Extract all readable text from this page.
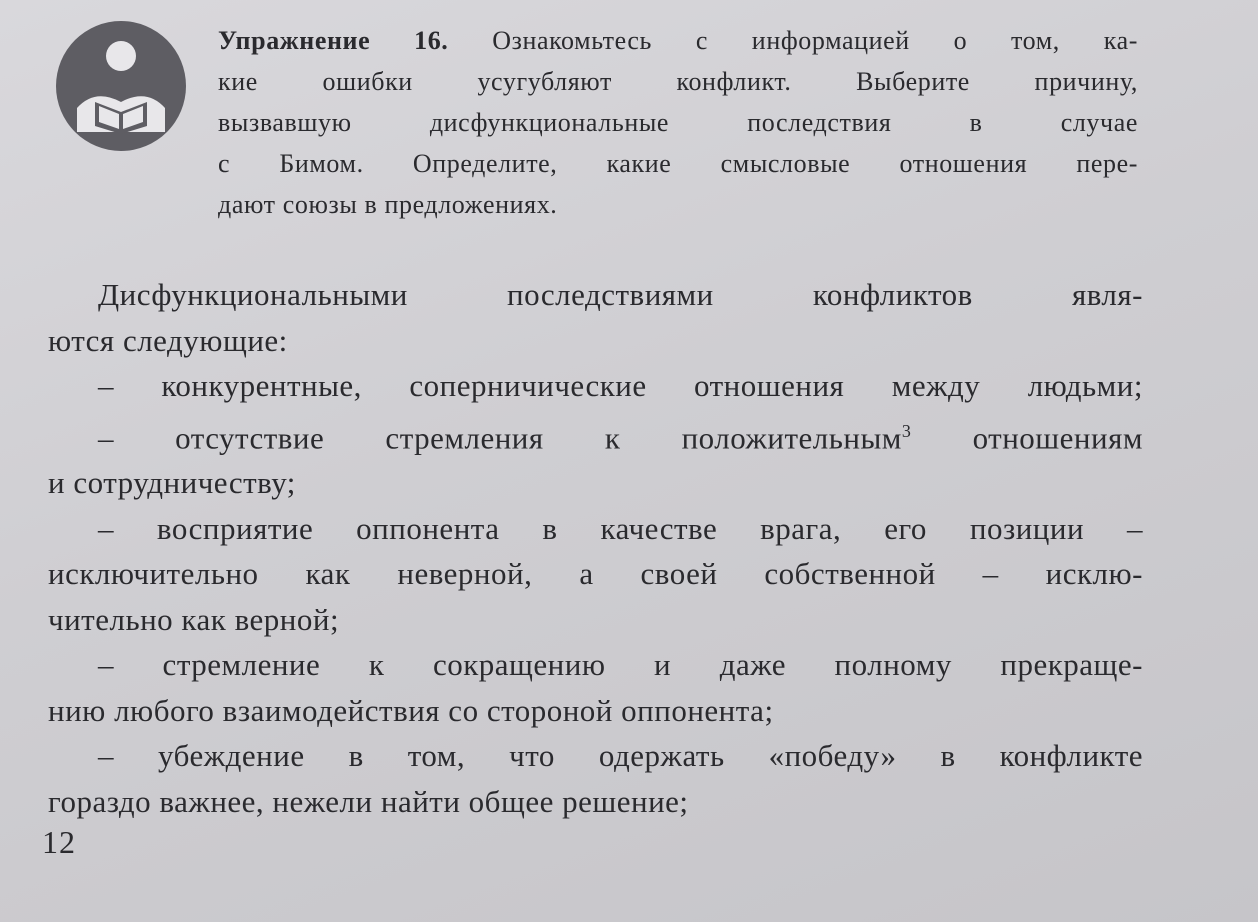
Упражнение 16. Ознакомьтесь с информацией о том, ка-
кие ошибки усугубляют конфликт. Выберите причину,
вызвавшую дисфункциональные последствия в случае
с Бимом. Определите, какие смысловые отношения пере-
дают союзы в предложениях.
Дисфункциональными последствиями конфликтов явля-
ются следующие:
– конкурентные, соперничические отношения между людьми;
– отсутствие стремления к положительным$^3$ отношениям
и сотрудничеству;
– восприятие оппонента в качестве врага, его позиции –
исключительно как неверной, а своей собственной – исклю-
чительно как верной;
– стремление к сокращению и даже полному прекраще-
нию любого взаимодействия со стороной оппонента;
– убеждение в том, что одержать «победу» в конфликте
гораздо важнее, нежели найти общее решение;
12
